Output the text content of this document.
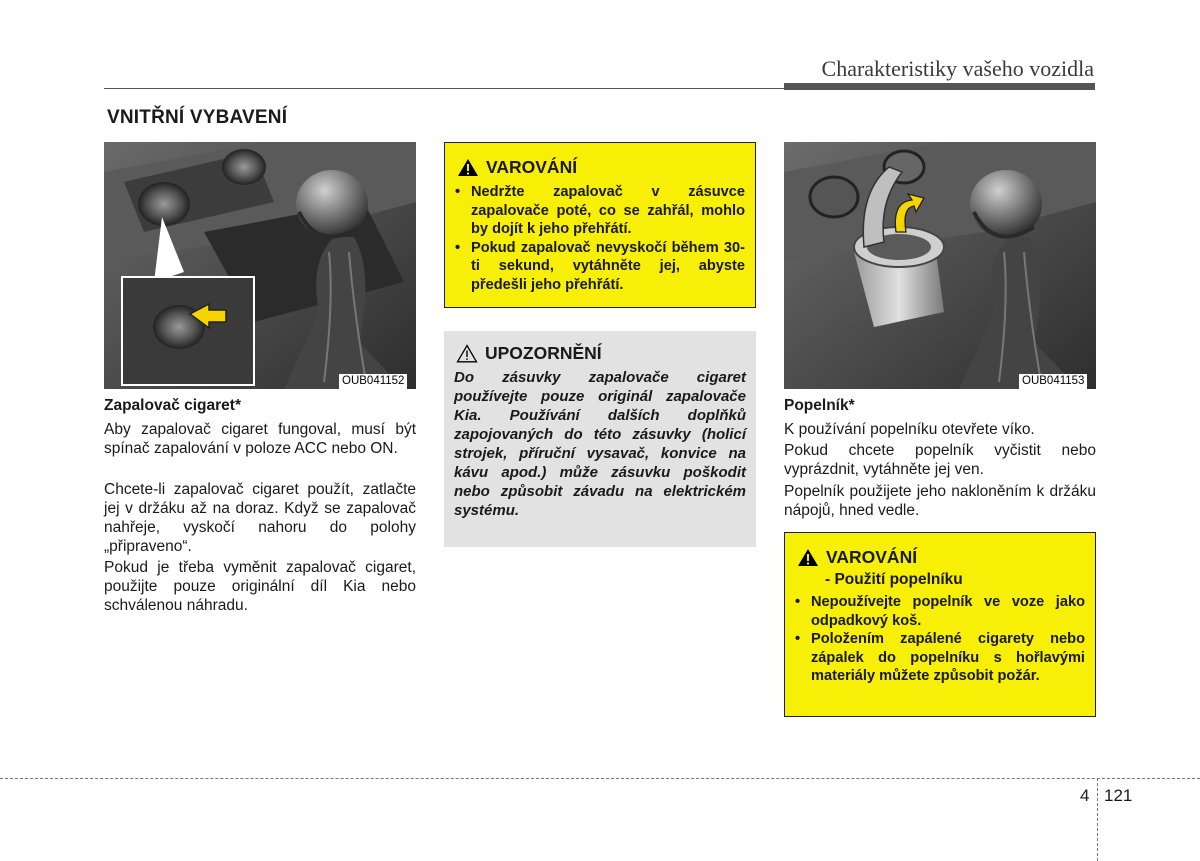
Charakteristiky vašeho vozidla
VNITŘNÍ VYBAVENÍ
OUB041152
Zapalovač cigaret*

Aby zapalovač cigaret fungoval, musí být spínač zapalování v poloze ACC nebo ON.

Chcete-li zapalovač cigaret použít, zatlačte jej v držáku až na doraz. Když se zapalovač nahřeje, vyskočí nahoru do polohy „připraveno“.

Pokud je třeba vyměnit zapalovač cigaret, použijte pouze originální díl Kia nebo schválenou náhradu.

VAROVÁNÍ
• Nedržte zapalovač v zásuvce zapalovače poté, co se zahřál, mohlo by dojít k jeho přehřátí.
• Pokud zapalovač nevyskočí během 30-ti sekund, vytáhněte jej, abyste předešli jeho přehřátí.
UPOZORNĚNÍ

Do zásuvky zapalovače cigaret používejte pouze originál zapalovače Kia. Používání dalších doplňků zapojovaných do této zásuvky (holicí strojek, příruční vysavač, konvice na kávu apod.) může zásuvku poškodit nebo způsobit závadu na elektrickém systému.

OUB041153
Popelník*

K používání popelníku otevřete víko.

Pokud chcete popelník vyčistit nebo vyprázdnit, vytáhněte jej ven.

Popelník použijete jeho nakloněním k držáku nápojů, hned vedle.

VAROVÁNÍ
- Použití popelníku
• Nepoužívejte popelník ve voze jako odpadkový koš.
• Položením zapálené cigarety nebo zápalek do popelníku s hořlavými materiály můžete způsobit požár.
4 121
